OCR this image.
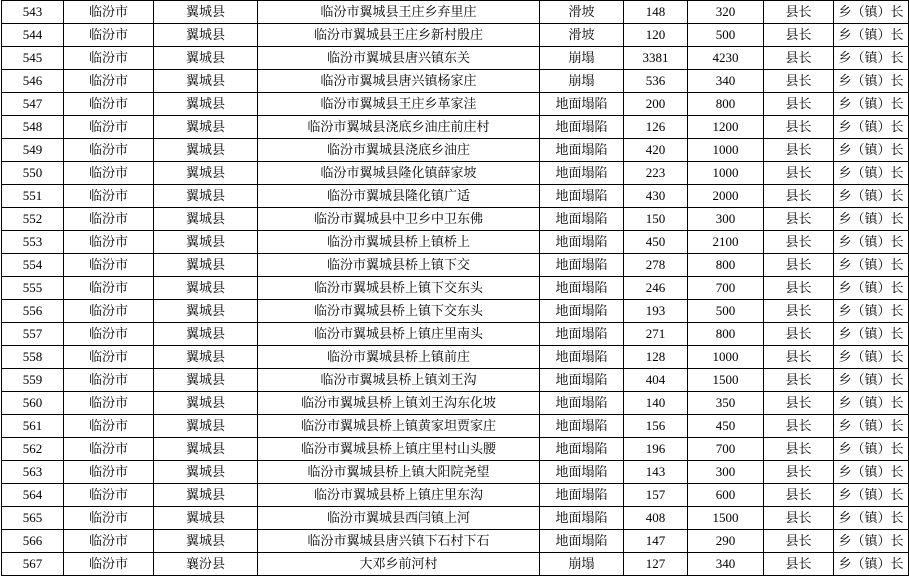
543	临汾市	翼城县	临汾市翼城县王庄乡弃里庄	滑坡	148	320	县长	乡（镇）长
544	临汾市	翼城县	临汾市翼城县王庄乡新村殷庄	滑坡	120	500	县长	乡（镇）长
545	临汾市	翼城县	临汾市翼城县唐兴镇东关	崩塌	3381	4230	县长	乡（镇）长
546	临汾市	翼城县	临汾市翼城县唐兴镇杨家庄	崩塌	536	340	县长	乡（镇）长
547	临汾市	翼城县	临汾市翼城县王庄乡革家洼	地面塌陷	200	800	县长	乡（镇）长
548	临汾市	翼城县	临汾市翼城县浇底乡油庄前庄村	地面塌陷	126	1200	县长	乡（镇）长
549	临汾市	翼城县	临汾市翼城县浇底乡油庄	地面塌陷	420	1000	县长	乡（镇）长
550	临汾市	翼城县	临汾市翼城县隆化镇薛家坡	地面塌陷	223	1000	县长	乡（镇）长
551	临汾市	翼城县	临汾市翼城县隆化镇广适	地面塌陷	430	2000	县长	乡（镇）长
552	临汾市	翼城县	临汾市翼城县中卫乡中卫东佛	地面塌陷	150	300	县长	乡（镇）长
553	临汾市	翼城县	临汾市翼城县桥上镇桥上	地面塌陷	450	2100	县长	乡（镇）长
554	临汾市	翼城县	临汾市翼城县桥上镇下交	地面塌陷	278	800	县长	乡（镇）长
555	临汾市	翼城县	临汾市翼城县桥上镇下交东头	地面塌陷	246	700	县长	乡（镇）长
556	临汾市	翼城县	临汾市翼城县桥上镇下交东头	地面塌陷	193	500	县长	乡（镇）长
557	临汾市	翼城县	临汾市翼城县桥上镇庄里南头	地面塌陷	271	800	县长	乡（镇）长
558	临汾市	翼城县	临汾市翼城县桥上镇前庄	地面塌陷	128	1000	县长	乡（镇）长
559	临汾市	翼城县	临汾市翼城县桥上镇刘王沟	地面塌陷	404	1500	县长	乡（镇）长
560	临汾市	翼城县	临汾市翼城县桥上镇刘王沟东化坡	地面塌陷	140	350	县长	乡（镇）长
561	临汾市	翼城县	临汾市翼城县桥上镇黄家坦贾家庄	地面塌陷	156	450	县长	乡（镇）长
562	临汾市	翼城县	临汾市翼城县桥上镇庄里村山头腰	地面塌陷	196	700	县长	乡（镇）长
563	临汾市	翼城县	临汾市翼城县桥上镇大阳院尧望	地面塌陷	143	300	县长	乡（镇）长
564	临汾市	翼城县	临汾市翼城县桥上镇庄里东沟	地面塌陷	157	600	县长	乡（镇）长
565	临汾市	翼城县	临汾市翼城县西闫镇上河	地面塌陷	408	1500	县长	乡（镇）长
566	临汾市	翼城县	临汾市翼城县唐兴镇下石村下石	地面塌陷	147	290	县长	乡（镇）长
567	临汾市	襄汾县	大邓乡前河村	崩塌	127	340	县长	乡（镇）长
